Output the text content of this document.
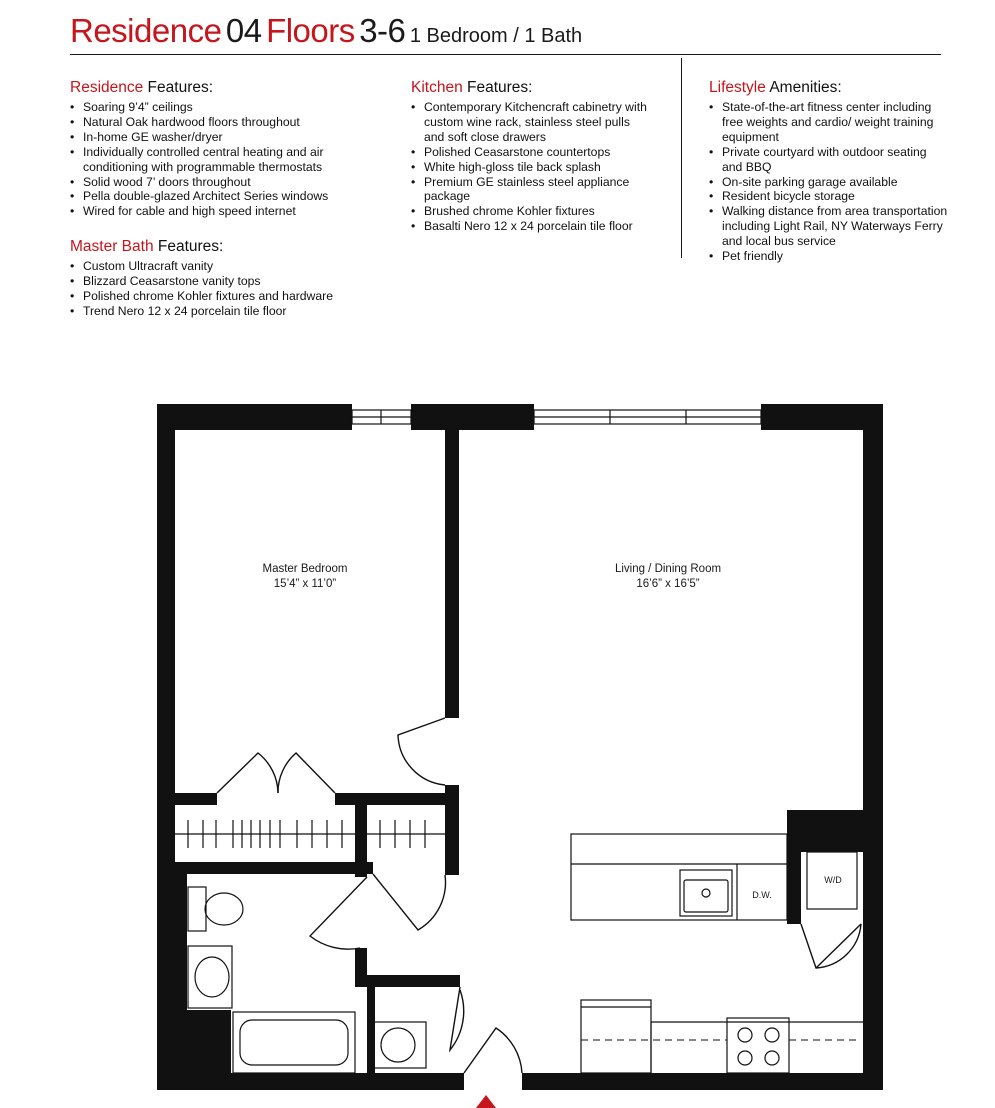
Residence 04 Floors 3-6 1 Bedroom / 1 Bath
Residence Features:
• Soaring 9’4” ceilings
• Natural Oak hardwood floors throughout
• In-home GE washer/dryer
• Individually controlled central heating and air conditioning with programmable thermostats
• Solid wood 7’ doors throughout
• Pella double-glazed Architect Series windows
• Wired for cable and high speed internet
Master Bath Features:
• Custom Ultracraft vanity
• Blizzard Ceasarstone vanity tops
• Polished chrome Kohler fixtures and hardware
• Trend Nero 12 x 24 porcelain tile floor
Kitchen Features:
• Contemporary Kitchencraft cabinetry with custom wine rack, stainless steel pulls and soft close drawers
• Polished Ceasarstone countertops
• White high-gloss tile back splash
• Premium GE stainless steel appliance package
• Brushed chrome Kohler fixtures
• Basalti Nero 12 x 24 porcelain tile floor
Lifestyle Amenities:
• State-of-the-art fitness center including free weights and cardio/ weight training equipment
• Private courtyard with outdoor seating and BBQ
• On-site parking garage available
• Resident bicycle storage
• Walking distance from area transportation including Light Rail, NY Waterways Ferry and local bus service
• Pet friendly
Master Bedroom
15’4” x 11’0”
Living / Dining Room
16’6” x 16’5”
D.W.
W/D
